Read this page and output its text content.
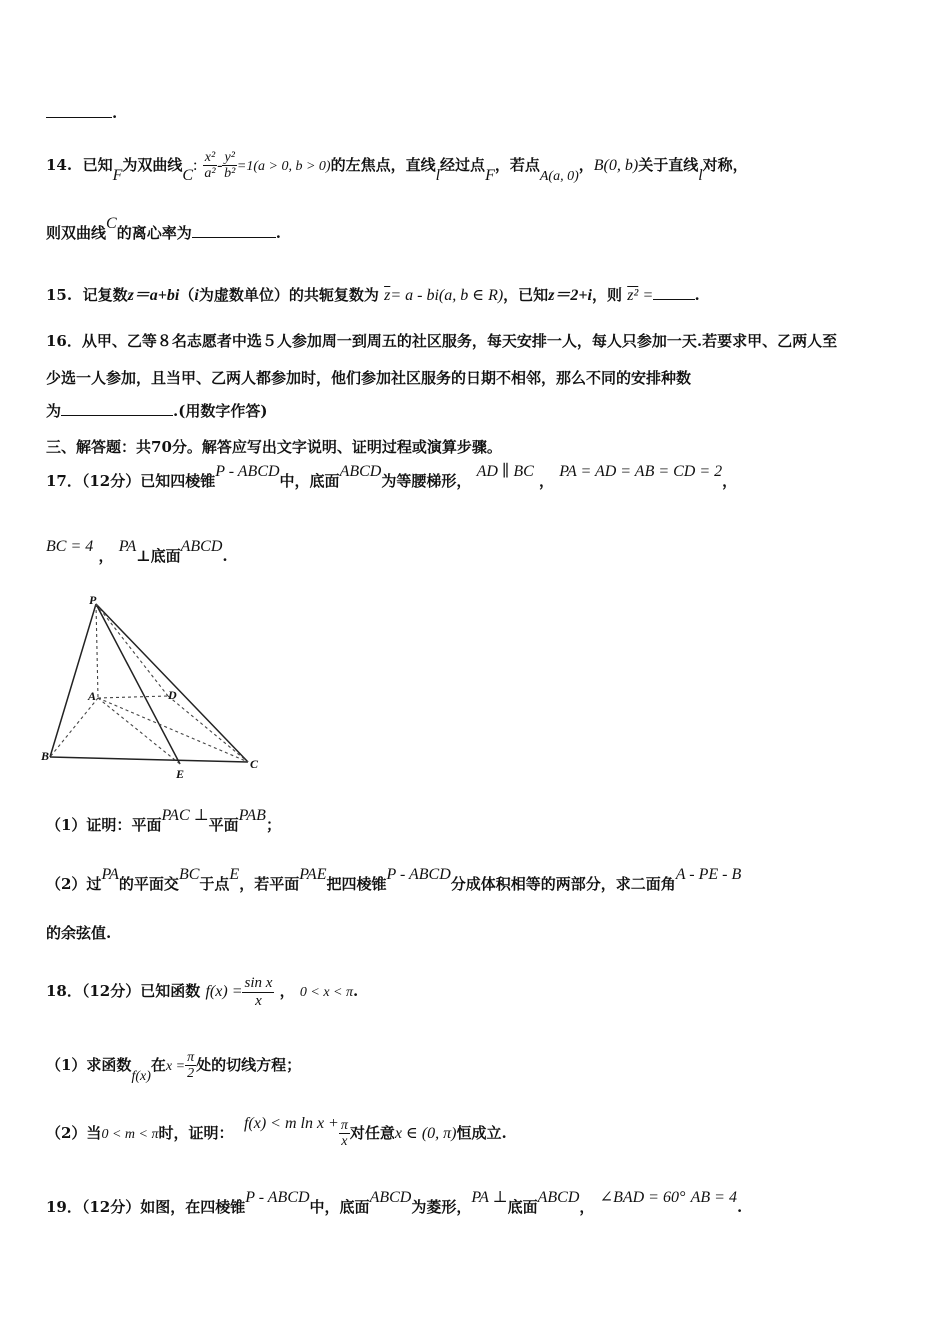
.
14. 已知F为双曲线C: $\frac{\text{x²}}{\text{a²}} - \frac{\text{y²}}{\text{b²}} =1(a > 0$, b > 0)的左焦点，直线l经过点F，若点A(a, 0)，B(0, b)关于直线l对称，
则双曲线C的离心率为	.
15. 记复数z＝a+bi（i为虚数单位）的共轭复数为 $\overline{z}= a - bi(a$, b ∈ R)，已知z＝2+i，则 z² =	.
16．从甲、乙等８名志愿者中选５人参加周一到周五的社区服务，每天安排一人，每人只参加一天.若要求甲、乙两人至
少选一人参加，且当甲、乙两人都参加时，他们参加社区服务的日期不相邻，那么不同的安排种数
为	.(用数字作答)
三、解答题：共70分。解答应写出文字说明、证明过程或演算步骤。
17．（12分）已知四棱锥P - ABCD中，底面ABCD为等腰梯形， AD ∥ BC ， PA = AD = AB = CD = 2，
BC = 4 ， PA⊥底面ABCD.
P
A	D
B
E
C
（1）证明：平面PAC ⊥平面PAB；
（2）过PA的平面交BC于点E，若平面PAE把四棱锥P - ABCD分成体积相等的两部分，求二面角A - PE - B
的余弦值.
18．（12分）已知函数 $f(x) = \frac{\text{sin x}}{x}$ ， 0 < x < π.
（1）求函数f(x)在$x = \frac{\pi}{2}$ 处的切线方程；
（2）当0 < m < π时，证明：  f(x) < m $\ln x + \frac{\pi}{x}$ 对任意x ∈ (0, π)恒成立.
19．（12分）如图，在四棱锥P - ABCD中，底面ABCD为菱形，PA ⊥底面ABCD， ∠BAD = 60° AB = 4.
